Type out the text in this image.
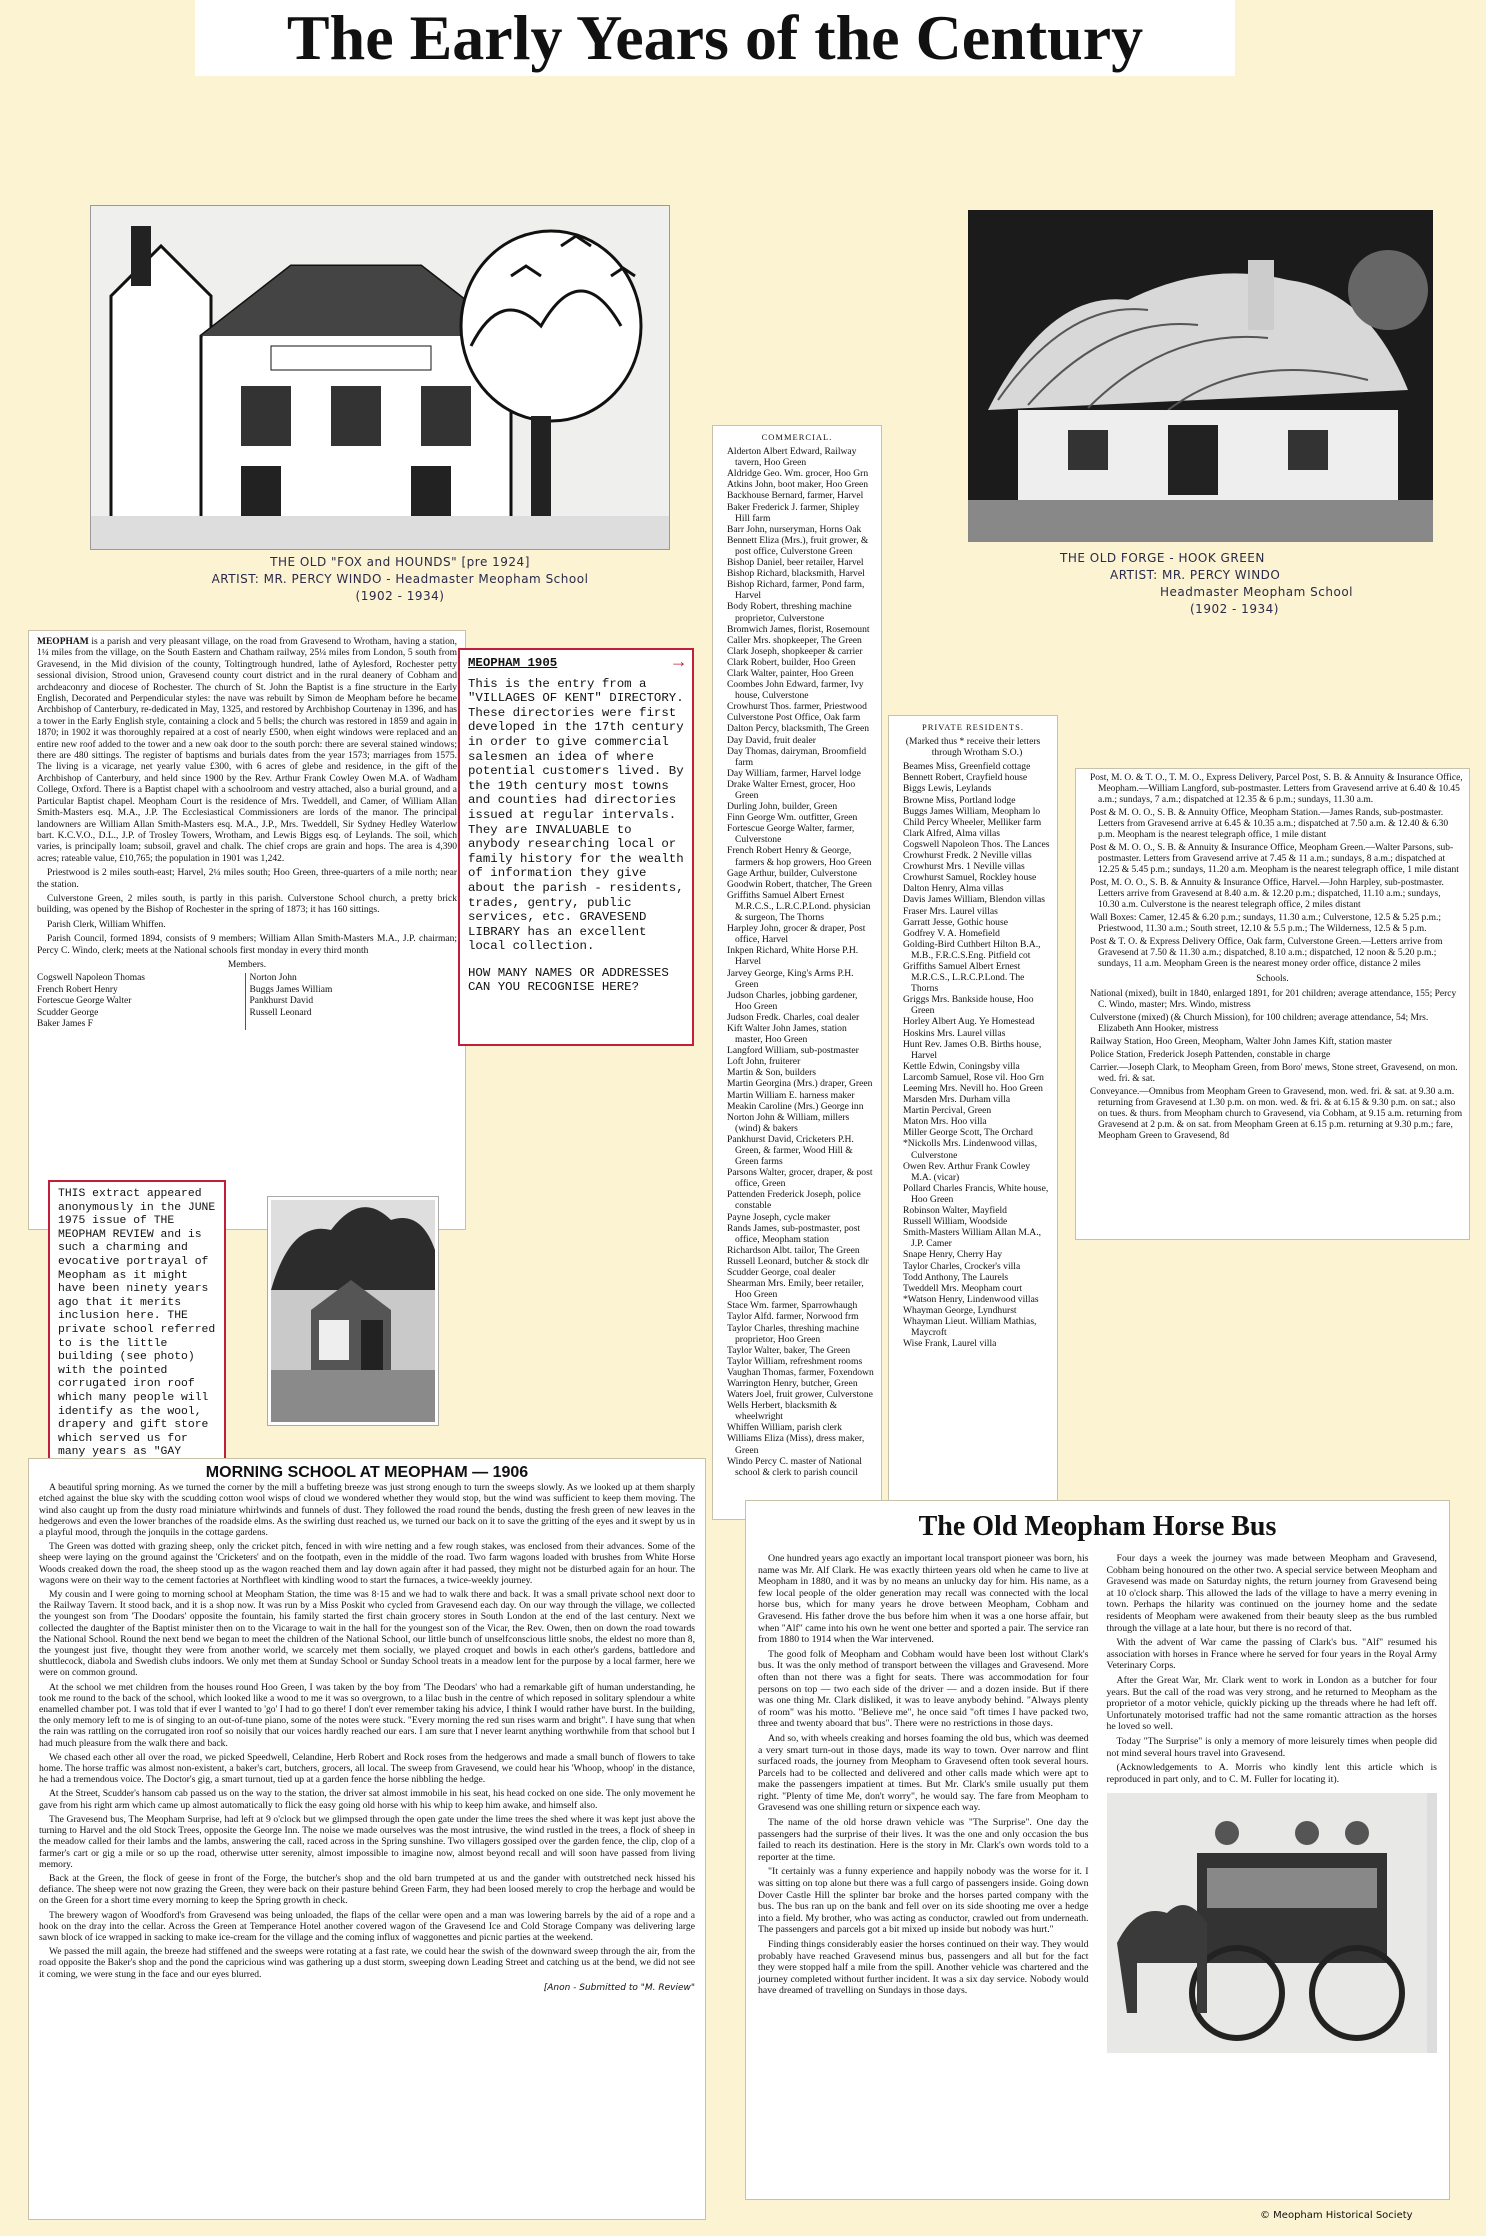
The Early Years of the Century
THE OLD "FOX and HOUNDS" [pre 1924]
ARTIST: MR. PERCY WINDO - Headmaster Meopham School
(1902 - 1934)
THE OLD FORGE - HOOK GREEN
ARTIST: MR. PERCY WINDO
Headmaster Meopham School
(1902 - 1934)

MEOPHAM is a parish and very pleasant village, on the road from Gravesend to Wrotham, having a station, 1¼ miles from the village, on the South Eastern and Chatham railway, 25¼ miles from London, 5 south from Gravesend, in the Mid division of the county, Toltingtrough hundred, lathe of Aylesford, Rochester petty sessional division, Strood union, Gravesend county court district and in the rural deanery of Cobham and archdeaconry and diocese of Rochester. The church of St. John the Baptist is a fine structure in the Early English, Decorated and Perpendicular styles: the nave was rebuilt by Simon de Meopham before he became Archbishop of Canterbury, re-dedicated in May, 1325, and restored by Archbishop Courtenay in 1396, and has a tower in the Early English style, containing a clock and 5 bells; the church was restored in 1859 and again in 1870; in 1902 it was thoroughly repaired at a cost of nearly £500, when eight windows were replaced and an entire new roof added to the tower and a new oak door to the south porch: there are several stained windows; there are 480 sittings. The register of baptisms and burials dates from the year 1573; marriages from 1575. The living is a vicarage, net yearly value £300, with 6 acres of glebe and residence, in the gift of the Archbishop of Canterbury, and held since 1900 by the Rev. Arthur Frank Cowley Owen M.A. of Wadham College, Oxford. There is a Baptist chapel with a schoolroom and vestry attached, also a burial ground, and a Particular Baptist chapel. Meopham Court is the residence of Mrs. Tweddell, and Camer, of William Allan Smith-Masters esq. M.A., J.P. The Ecclesiastical Commissioners are lords of the manor. The principal landowners are William Allan Smith-Masters esq. M.A., J.P., Mrs. Tweddell, Sir Sydney Hedley Waterlow bart. K.C.V.O., D.L., J.P. of Trosley Towers, Wrotham, and Lewis Biggs esq. of Leylands. The soil, which varies, is principally loam; subsoil, gravel and chalk. The chief crops are grain and hops. The area is 4,390 acres; rateable value, £10,765; the population in 1901 was 1,242.

Priestwood is 2 miles south-east; Harvel, 2¼ miles south; Hoo Green, three-quarters of a mile north; near the station.

Culverstone Green, 2 miles south, is partly in this parish. Culverstone School church, a pretty brick building, was opened by the Bishop of Rochester in the spring of 1873; it has 160 sittings.

Parish Clerk, William Whiffen.

Parish Council, formed 1894, consists of 9 members; William Allan Smith-Masters M.A., J.P. chairman; Percy C. Windo, clerk; meets at the National schools first monday in every third month

Members.
Cogswell Napoleon Thomas
French Robert Henry
Fortescue George Walter
Scudder George
Baker James F
Norton John
Buggs James William
Pankhurst David
Russell Leonard
MEOPHAM 1905	→
This is the entry from a "VILLAGES OF KENT" DIRECTORY. These directories were first developed in the 17th century in order to give commercial salesmen an idea of where potential customers lived. By the 19th century most towns and counties had directories issued at regular intervals. They are INVALUABLE to anybody researching local or family history for the wealth of information they give about the parish - residents, trades, gentry, public services, etc. GRAVESEND LIBRARY has an excellent local collection.
HOW MANY NAMES OR ADDRESSES CAN YOU RECOGNISE HERE?
THIS extract appeared anonymously in the JUNE 1975 issue of THE MEOPHAM REVIEW and is such a charming and evocative portrayal of Meopham as it might have been ninety years ago that it merits inclusion here. THE private school referred to is the little building (see photo) with the pointed corrugated iron roof which many people will identify as the wool, drapery and gift store which served us for many years as "GAY
COMMERCIAL.
Alderton Albert Edward, Railway tavern, Hoo Green
Aldridge Geo. Wm. grocer, Hoo Grn
Atkins John, boot maker, Hoo Green
Backhouse Bernard, farmer, Harvel
Baker Frederick J. farmer, Shipley Hill farm
Barr John, nurseryman, Horns Oak
Bennett Eliza (Mrs.), fruit grower, & post office, Culverstone Green
Bishop Daniel, beer retailer, Harvel
Bishop Richard, blacksmith, Harvel
Bishop Richard, farmer, Pond farm, Harvel
Body Robert, threshing machine proprietor, Culverstone
Bromwich James, florist, Rosemount
Caller Mrs. shopkeeper, The Green
Clark Joseph, shopkeeper & carrier
Clark Robert, builder, Hoo Green
Clark Walter, painter, Hoo Green
Coombes John Edward, farmer, Ivy house, Culverstone
Crowhurst Thos. farmer, Priestwood
Culverstone Post Office, Oak farm
Dalton Percy, blacksmith, The Green
Day David, fruit dealer
Day Thomas, dairyman, Broomfield farm
Day William, farmer, Harvel lodge
Drake Walter Ernest, grocer, Hoo Green
Durling John, builder, Green
Finn George Wm. outfitter, Green
Fortescue George Walter, farmer, Culverstone
French Robert Henry & George, farmers & hop growers, Hoo Green
Gage Arthur, builder, Culverstone
Goodwin Robert, thatcher, The Green
Griffiths Samuel Albert Ernest M.R.C.S., L.R.C.P.Lond. physician & surgeon, The Thorns
Harpley John, grocer & draper, Post office, Harvel
Inkpen Richard, White Horse P.H. Harvel
Jarvey George, King's Arms P.H. Green
Judson Charles, jobbing gardener, Hoo Green
Judson Fredk. Charles, coal dealer
Kift Walter John James, station master, Hoo Green
Langford William, sub-postmaster
Loft John, fruiterer
Martin & Son, builders
Martin Georgina (Mrs.) draper, Green
Martin William E. harness maker
Meakin Caroline (Mrs.) George inn
Norton John & William, millers (wind) & bakers
Pankhurst David, Cricketers P.H. Green, & farmer, Wood Hill & Green farms
Parsons Walter, grocer, draper, & post office, Green
Pattenden Frederick Joseph, police constable
Payne Joseph, cycle maker
Rands James, sub-postmaster, post office, Meopham station
Richardson Albt. tailor, The Green
Russell Leonard, butcher & stock dlr
Scudder George, coal dealer
Shearman Mrs. Emily, beer retailer, Hoo Green
Stace Wm. farmer, Sparrowhaugh
Taylor Alfd. farmer, Norwood frm
Taylor Charles, threshing machine proprietor, Hoo Green
Taylor Walter, baker, The Green
Taylor William, refreshment rooms
Vaughan Thomas, farmer, Foxendown
Warrington Henry, butcher, Green
Waters Joel, fruit grower, Culverstone
Wells Herbert, blacksmith & wheelwright
Whiffen William, parish clerk
Williams Eliza (Miss), dress maker, Green
Windo Percy C. master of National school & clerk to parish council
PRIVATE RESIDENTS.
(Marked thus * receive their letters through Wrotham S.O.)
Beames Miss, Greenfield cottage
Bennett Robert, Crayfield house
Biggs Lewis, Leylands
Browne Miss, Portland lodge
Buggs James William, Meopham lo
Child Percy Wheeler, Melliker farm
Clark Alfred, Alma villas
Cogswell Napoleon Thos. The Lances
Crowhurst Fredk. 2 Neville villas
Crowhurst Mrs. 1 Neville villas
Crowhurst Samuel, Rockley house
Dalton Henry, Alma villas
Davis James William, Blendon villas
Fraser Mrs. Laurel villas
Garratt Jesse, Gothic house
Godfrey V. A. Homefield
Golding-Bird Cuthbert Hilton B.A., M.B., F.R.C.S.Eng. Pitfield cot
Griffiths Samuel Albert Ernest M.R.C.S., L.R.C.P.Lond. The Thorns
Griggs Mrs. Bankside house, Hoo Green
Horley Albert Aug. Ye Homestead
Hoskins Mrs. Laurel villas
Hunt Rev. James O.B. Births house, Harvel
Kettle Edwin, Coningsby villa
Larcomb Samuel, Rose vil. Hoo Grn
Leeming Mrs. Nevill ho. Hoo Green
Marsden Mrs. Durham villa
Martin Percival, Green
Maton Mrs. Hoo villa
Miller George Scott, The Orchard
*Nickolls Mrs. Lindenwood villas, Culverstone
Owen Rev. Arthur Frank Cowley M.A. (vicar)
Pollard Charles Francis, White house, Hoo Green
Robinson Walter, Mayfield
Russell William, Woodside
Smith-Masters William Allan M.A., J.P. Camer
Snape Henry, Cherry Hay
Taylor Charles, Crocker's villa
Todd Anthony, The Laurels
Tweddell Mrs. Meopham court
*Watson Henry, Lindenwood villas
Whayman George, Lyndhurst
Whayman Lieut. William Mathias, Maycroft
Wise Frank, Laurel villa
Post, M. O. & T. O., T. M. O., Express Delivery, Parcel Post, S. B. & Annuity & Insurance Office, Meopham.—William Langford, sub-postmaster. Letters from Gravesend arrive at 6.40 & 10.45 a.m.; sundays, 7 a.m.; dispatched at 12.35 & 6 p.m.; sundays, 11.30 a.m.
Post & M. O. O., S. B. & Annuity Office, Meopham Station.—James Rands, sub-postmaster. Letters from Gravesend arrive at 6.45 & 10.35 a.m.; dispatched at 7.50 a.m. & 12.40 & 6.30 p.m. Meopham is the nearest telegraph office, 1 mile distant
Post & M. O. O., S. B. & Annuity & Insurance Office, Meopham Green.—Walter Parsons, sub-postmaster. Letters from Gravesend arrive at 7.45 & 11 a.m.; sundays, 8 a.m.; dispatched at 12.25 & 5.45 p.m.; sundays, 11.20 a.m. Meopham is the nearest telegraph office, 1 mile distant
Post, M. O. O., S. B. & Annuity & Insurance Office, Harvel.—John Harpley, sub-postmaster. Letters arrive from Gravesend at 8.40 a.m. & 12.20 p.m.; dispatched, 11.10 a.m.; sundays, 10.30 a.m. Culverstone is the nearest telegraph office, 2 miles distant
Wall Boxes: Camer, 12.45 & 6.20 p.m.; sundays, 11.30 a.m.; Culverstone, 12.5 & 5.25 p.m.; Priestwood, 11.30 a.m.; South street, 12.10 & 5.5 p.m.; The Wilderness, 12.5 & 5 p.m.
Post & T. O. & Express Delivery Office, Oak farm, Culverstone Green.—Letters arrive from Gravesend at 7.50 & 11.30 a.m.; dispatched, 8.10 a.m.; dispatched, 12 noon & 5.20 p.m.; sundays, 11 a.m. Meopham Green is the nearest money order office, distance 2 miles
Schools.
National (mixed), built in 1840, enlarged 1891, for 201 children; average attendance, 155; Percy C. Windo, master; Mrs. Windo, mistress
Culverstone (mixed) (& Church Mission), for 100 children; average attendance, 54; Mrs. Elizabeth Ann Hooker, mistress
Railway Station, Hoo Green, Meopham, Walter John James Kift, station master
Police Station, Frederick Joseph Pattenden, constable in charge
Carrier.—Joseph Clark, to Meopham Green, from Boro' mews, Stone street, Gravesend, on mon. wed. fri. & sat.
Conveyance.—Omnibus from Meopham Green to Gravesend, mon. wed. fri. & sat. at 9.30 a.m. returning from Gravesend at 1.30 p.m. on mon. wed. & fri. & at 6.15 & 9.30 p.m. on sat.; also on tues. & thurs. from Meopham church to Gravesend, via Cobham, at 9.15 a.m. returning from Gravesend at 2 p.m. & on sat. from Meopham Green at 6.15 p.m. returning at 9.30 p.m.; fare, Meopham Green to Gravesend, 8d
MORNING SCHOOL AT MEOPHAM — 1906

A beautiful spring morning. As we turned the corner by the mill a buffeting breeze was just strong enough to turn the sweeps slowly. As we looked up at them sharply etched against the blue sky with the scudding cotton wool wisps of cloud we wondered whether they would stop, but the wind was sufficient to keep them moving. The wind also caught up from the dusty road miniature whirlwinds and funnels of dust. They followed the road round the bends, dusting the fresh green of new leaves in the hedgerows and even the lower branches of the roadside elms. As the swirling dust reached us, we turned our back on it to save the gritting of the eyes and it swept by us in a playful mood, through the jonquils in the cottage gardens.

The Green was dotted with grazing sheep, only the cricket pitch, fenced in with wire netting and a few rough stakes, was enclosed from their advances. Some of the sheep were laying on the ground against the 'Cricketers' and on the footpath, even in the middle of the road. Two farm wagons loaded with brushes from White Horse Woods creaked down the road, the sheep stood up as the wagon reached them and lay down again after it had passed, they might not be disturbed again for an hour. The wagons were on their way to the cement factories at Northfleet with kindling wood to start the furnaces, a twice-weekly journey.

My cousin and I were going to morning school at Meopham Station, the time was 8·15 and we had to walk there and back. It was a small private school next door to the Railway Tavern. It stood back, and it is a shop now. It was run by a Miss Poskit who cycled from Gravesend each day. On our way through the village, we collected the youngest son from 'The Doodars' opposite the fountain, his family started the first chain grocery stores in South London at the end of the last century. Next we collected the daughter of the Baptist minister then on to the Vicarage to wait in the hall for the youngest son of the Vicar, the Rev. Owen, then on down the road towards the National School. Round the next bend we began to meet the children of the National School, our little bunch of unselfconscious little snobs, the eldest no more than 8, the youngest just five, thought they were from another world, we scarcely met them socially, we played croquet and bowls in each other's gardens, battledore and shuttlecock, diabola and Swedish clubs indoors. We only met them at Sunday School or Sunday School treats in a meadow lent for the purpose by a local farmer, here we were on common ground.

At the school we met children from the houses round Hoo Green, I was taken by the boy from 'The Deodars' who had a remarkable gift of human understanding, he took me round to the back of the school, which looked like a wood to me it was so overgrown, to a lilac bush in the centre of which reposed in solitary splendour a white enamelled chamber pot. I was told that if ever I wanted to 'go' I had to go there! I don't ever remember taking his advice, I think I would rather have burst. In the building, the only memory left to me is of singing to an out-of-tune piano, some of the notes were stuck. "Every morning the red sun rises warm and bright". I have sung that when the rain was rattling on the corrugated iron roof so noisily that our voices hardly reached our ears. I am sure that I never learnt anything worthwhile from that school but I had much pleasure from the walk there and back.

We chased each other all over the road, we picked Speedwell, Celandine, Herb Robert and Rock roses from the hedgerows and made a small bunch of flowers to take home. The horse traffic was almost non-existent, a baker's cart, butchers, grocers, all local. The sweep from Gravesend, we could hear his 'Whoop, whoop' in the distance, he had a tremendous voice. The Doctor's gig, a smart turnout, tied up at a garden fence the horse nibbling the hedge.

At the Street, Scudder's hansom cab passed us on the way to the station, the driver sat almost immobile in his seat, his head cocked on one side. The only movement he gave from his right arm which came up almost automatically to flick the easy going old horse with his whip to keep him awake, and himself also.

The Gravesend bus, The Meopham Surprise, had left at 9 o'clock but we glimpsed through the open gate under the lime trees the shed where it was kept just above the turning to Harvel and the old Stock Trees, opposite the George Inn. The noise we made ourselves was the most intrusive, the wind rustled in the trees, a flock of sheep in the meadow called for their lambs and the lambs, answering the call, raced across in the Spring sunshine. Two villagers gossiped over the garden fence, the clip, clop of a farmer's cart or gig a mile or so up the road, otherwise utter serenity, almost impossible to imagine now, almost beyond recall and will soon have passed from living memory.

Back at the Green, the flock of geese in front of the Forge, the butcher's shop and the old barn trumpeted at us and the gander with outstretched neck hissed his defiance. The sheep were not now grazing the Green, they were back on their pasture behind Green Farm, they had been loosed merely to crop the herbage and would be on the Green for a short time every morning to keep the Spring growth in check.

The brewery wagon of Woodford's from Gravesend was being unloaded, the flaps of the cellar were open and a man was lowering barrels by the aid of a rope and a hook on the dray into the cellar. Across the Green at Temperance Hotel another covered wagon of the Gravesend Ice and Cold Storage Company was delivering large sawn block of ice wrapped in sacking to make ice-cream for the village and the coming influx of waggonettes and picnic parties at the weekend.

We passed the mill again, the breeze had stiffened and the sweeps were rotating at a fast rate, we could hear the swish of the downward sweep through the air, from the road opposite the Baker's shop and the pond the capricious wind was gathering up a dust storm, sweeping down Leading Street and catching us at the bend, we did not see it coming, we were stung in the face and our eyes blurred.

[Anon - Submitted to "M. Review"
The Old Meopham Horse Bus

One hundred years ago exactly an important local transport pioneer was born, his name was Mr. Alf Clark. He was exactly thirteen years old when he came to live at Meopham in 1880, and it was by no means an unlucky day for him. His name, as a few local people of the older generation may recall was connected with the local horse bus, which for many years he drove between Meopham, Cobham and Gravesend. His father drove the bus before him when it was a one horse affair, but when "Alf" came into his own he went one better and sported a pair. The service ran from 1880 to 1914 when the War intervened.

The good folk of Meopham and Cobham would have been lost without Clark's bus. It was the only method of transport between the villages and Gravesend. More often than not there was a fight for seats. There was accommodation for four persons on top — two each side of the driver — and a dozen inside. But if there was one thing Mr. Clark disliked, it was to leave anybody behind. "Always plenty of room" was his motto. "Believe me", he once said "oft times I have packed two, three and twenty aboard that bus". There were no restrictions in those days.

And so, with wheels creaking and horses foaming the old bus, which was deemed a very smart turn-out in those days, made its way to town. Over narrow and flint surfaced roads, the journey from Meopham to Gravesend often took several hours. Parcels had to be collected and delivered and other calls made which were apt to make the passengers impatient at times. But Mr. Clark's smile usually put them right. "Plenty of time Me, don't worry", he would say. The fare from Meopham to Gravesend was one shilling return or sixpence each way.

The name of the old horse drawn vehicle was "The Surprise". One day the passengers had the surprise of their lives. It was the one and only occasion the bus failed to reach its destination. Here is the story in Mr. Clark's own words told to a reporter at the time.

"It certainly was a funny experience and happily nobody was the worse for it. I was sitting on top alone but there was a full cargo of passengers inside. Going down Dover Castle Hill the splinter bar broke and the horses parted company with the bus. The bus ran up on the bank and fell over on its side shooting me over a hedge into a field. My brother, who was acting as conductor, crawled out from underneath. The passengers and parcels got a bit mixed up inside but nobody was hurt."

Finding things considerably easier the horses continued on their way. They would probably have reached Gravesend minus bus, passengers and all but for the fact they were stopped half a mile from the spill. Another vehicle was chartered and the journey completed without further incident. It was a six day service. Nobody would have dreamed of travelling on Sundays in those days.

Four days a week the journey was made between Meopham and Gravesend, Cobham being honoured on the other two. A special service between Meopham and Gravesend was made on Saturday nights, the return journey from Gravesend being at 10 o'clock sharp. This allowed the lads of the village to have a merry evening in town. Perhaps the hilarity was continued on the journey home and the sedate residents of Meopham were awakened from their beauty sleep as the bus rumbled through the village at a late hour, but there is no record of that.

With the advent of War came the passing of Clark's bus. "Alf" resumed his association with horses in France where he served for four years in the Royal Army Veterinary Corps.

After the Great War, Mr. Clark went to work in London as a butcher for four years. But the call of the road was very strong, and he returned to Meopham as the proprietor of a motor vehicle, quickly picking up the threads where he had left off. Unfortunately motorised traffic had not the same romantic attraction as the horses he loved so well.

Today "The Surprise" is only a memory of more leisurely times when people did not mind several hours travel into Gravesend.

(Acknowledgements to A. Morris who kindly lent this article which is reproduced in part only, and to C. M. Fuller for locating it).

© Meopham Historical Society
